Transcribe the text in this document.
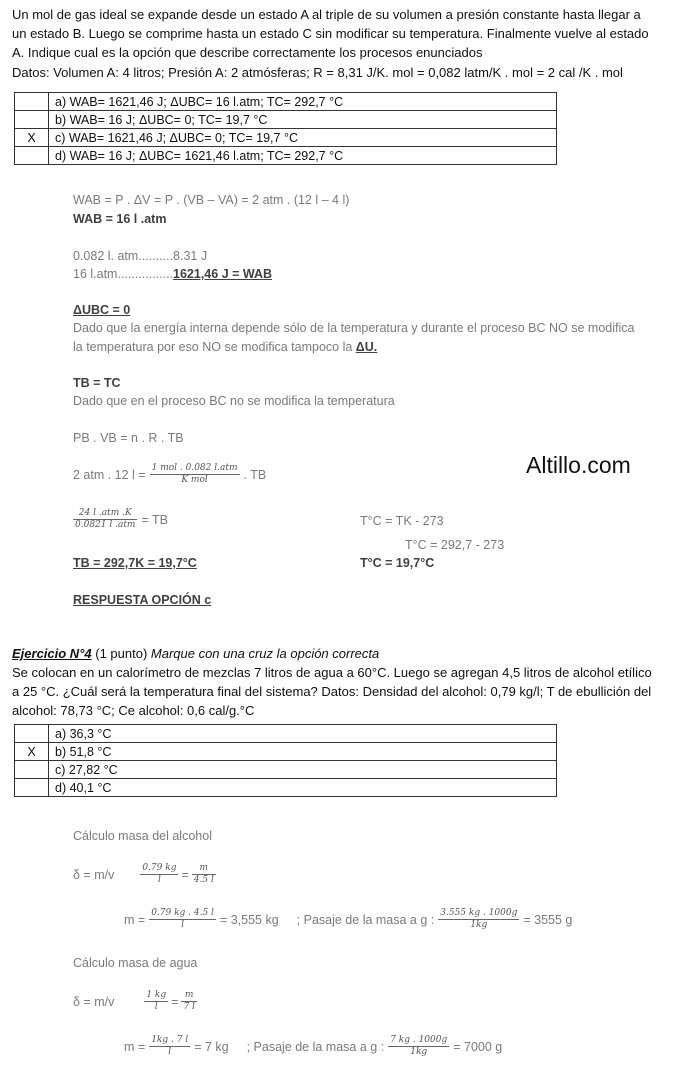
Un mol de gas ideal se expande desde un estado A al triple de su volumen a presión constante hasta llegar a
un estado B. Luego se comprime hasta un estado C sin modificar su temperatura. Finalmente vuelve al estado
A. Indique cual es la opción que describe correctamente los procesos enunciados
Datos: Volumen A: 4 litros; Presión A: 2 atmósferas; R = 8,31 J/K. mol = 0,082 latm/K . mol = 2 cal /K . mol
	a) WAB= 1621,46 J; ΔUBC= 16 l.atm; TC= 292,7 °C
	b) WAB= 16 J; ΔUBC= 0; TC= 19,7 °C
X	c) WAB= 1621,46 J; ΔUBC= 0; TC= 19,7 °C
	d) WAB= 16 J; ΔUBC= 1621,46 l.atm; TC= 292,7 °C
WAB = P . ΔV = P . (VB – VA) = 2 atm . (12 l – 4 l)
WAB = 16 l .atm
0.082 l. atm..........8.31 J
16 l.atm................1621,46 J = WAB
ΔUBC = 0
Dado que la energía interna depende sólo de la temperatura y durante el proceso BC NO se modifica
la temperatura por eso NO se modifica tampoco la ΔU.
TB = TC
Dado que en el proceso BC no se modifica la temperatura
PB . VB = n . R . TB
2 atm . 12 $l = \frac{\text{1 mol . 0.082 l.atm}}{\text{K mol}}$ . TB
$\frac{\text{24 l .atm .K}}{\text{0.0821 l .atm}}$ = TB	T°C = TK - 273
T°C = 292,7 - 273
TB = 292,7K = 19,7°C	T°C = 19,7°C
RESPUESTA OPCIÓN c
Altillo.com
Ejercicio N°4 (1 punto) Marque con una cruz la opción correcta
Se colocan en un calorímetro de mezclas 7 litros de agua a 60°C. Luego se agregan 4,5 litros de alcohol etílico
a 25 °C. ¿Cuál será la temperatura final del sistema? Datos: Densidad del alcohol: 0,79 kg/l; T de ebullición del
alcohol: 78,73 °C; Ce alcohol: 0,6 cal/g.°C
	a) 36,3 °C
X	b) 51,8 °C
	c) 27,82 °C
	d) 40,1 °C
Cálculo masa del alcohol
δ = m/v	$\frac{0.79 kg}{l} = \frac{m}{4.5 l}$
$m = \frac{0.79 kg . 4.5 l}{l} = 3,555$ kg ; Pasaje de la masa a g : $\frac{3.555 kg . 1000g}{1kg} = 3555$ g
Cálculo masa de agua
δ = m/v	$\frac{1 kg}{l} = \frac{m}{7 l}$
$m = \frac{1kg . 7 l}{l} = 7$ kg ; Pasaje de la masa a g : $\frac{7 kg . 1000g}{1kg} = 7000$ g
